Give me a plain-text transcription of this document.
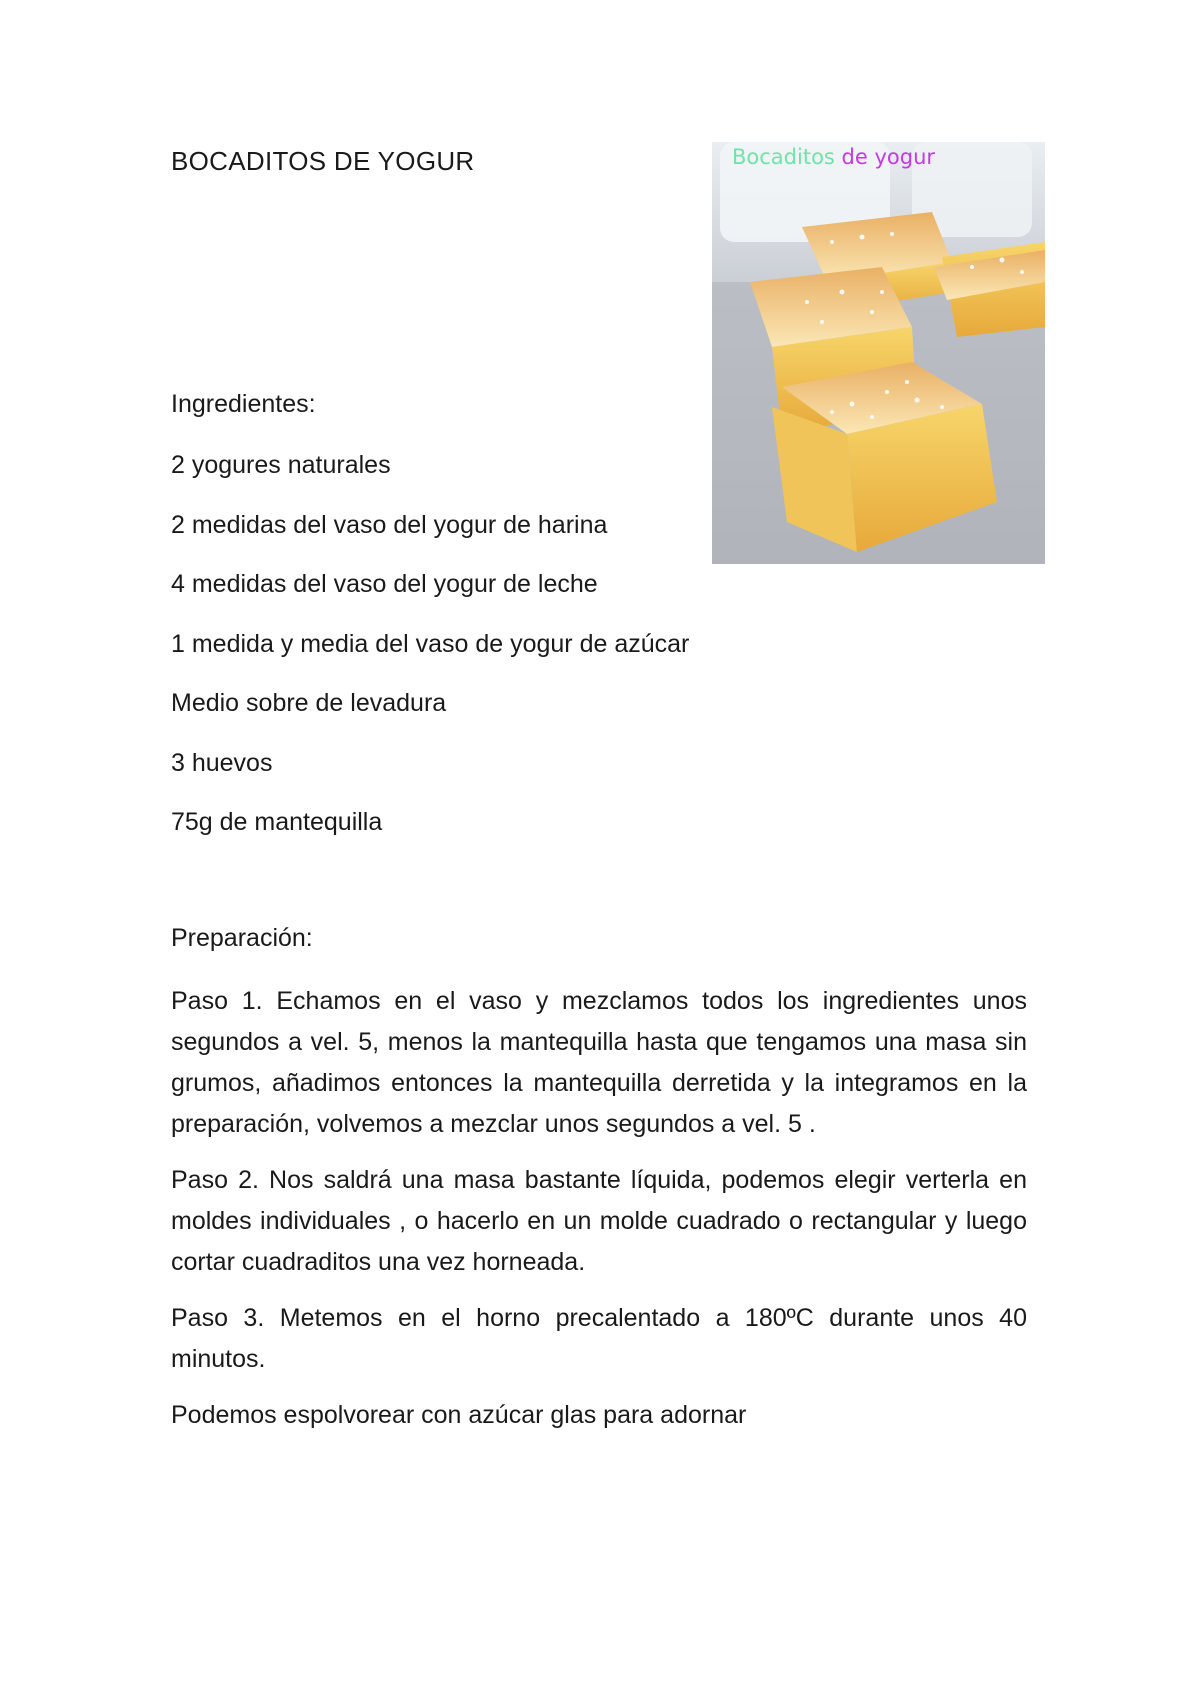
BOCADITOS DE YOGUR	Bocaditos de yogur
Ingredientes:
2 yogures naturales
2 medidas del vaso del yogur de harina
4 medidas del vaso del yogur de leche
1 medida y media del vaso de yogur de azúcar
Medio sobre de levadura
3 huevos
75g de mantequilla
Preparación:

Paso 1. Echamos en el vaso y mezclamos todos los ingredientes unos segundos a vel. 5, menos la mantequilla hasta que tengamos una masa sin grumos, añadimos entonces la mantequilla derretida y la integramos en la preparación, volvemos a mezclar unos segundos a vel. 5 .

Paso 2. Nos saldrá una masa bastante líquida, podemos elegir verterla en moldes individuales , o hacerlo en un molde cuadrado o rectangular y luego cortar cuadraditos una vez horneada.

Paso 3. Metemos en el horno precalentado a 180ºC durante unos 40 minutos.

Podemos espolvorear con azúcar glas para adornar
